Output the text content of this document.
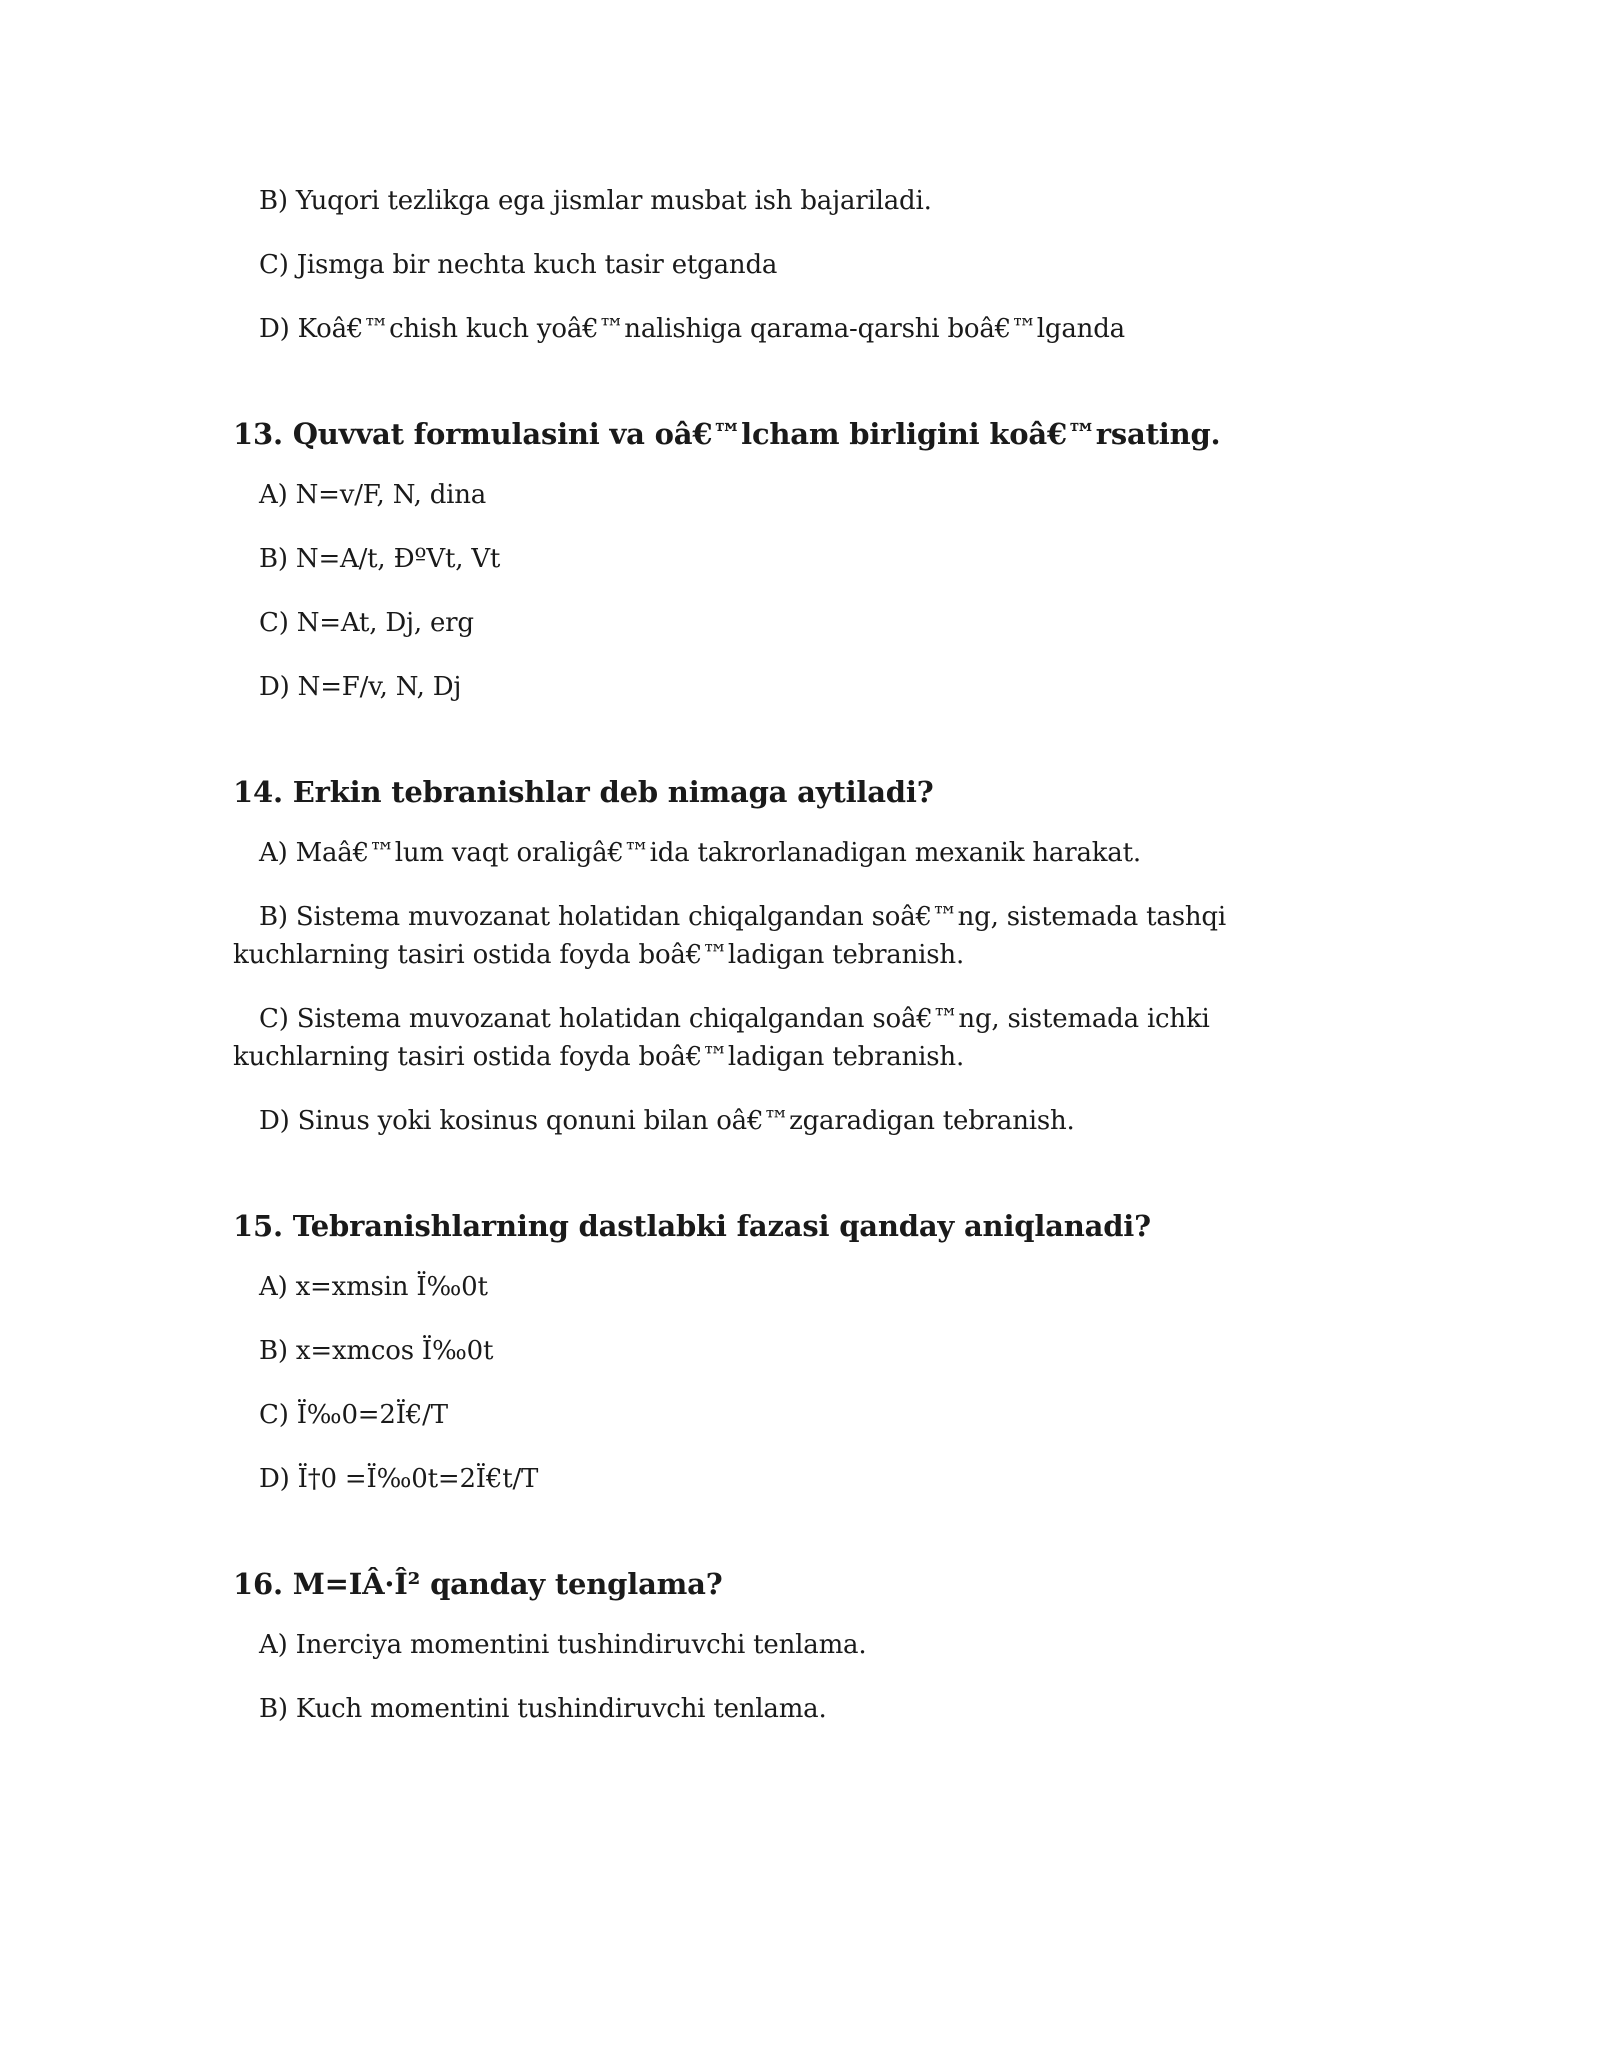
B) Yuqori tezlikga ega jismlar musbat ish bajariladi.

C) Jismga bir nechta kuch tasir etganda

D) Koâ€™chish kuch yoâ€™nalishiga qarama-qarshi boâ€™lganda

13. Quvvat formulasini va oâ€™lcham birligini koâ€™rsating.

A) N=v/F, N, dina

B) N=A/t, ÐºVt, Vt

C) N=At, Dj, erg

D) N=F/v, N, Dj

14. Erkin tebranishlar deb nimaga aytiladi?

A) Maâ€™lum vaqt oraligâ€™ida takrorlanadigan mexanik harakat.

B) Sistema muvozanat holatidan chiqalgandan soâ€™ng, sistemada tashqi kuchlarning tasiri ostida foyda boâ€™ladigan tebranish.

C) Sistema muvozanat holatidan chiqalgandan soâ€™ng, sistemada ichki kuchlarning tasiri ostida foyda boâ€™ladigan tebranish.

D) Sinus yoki kosinus qonuni bilan oâ€™zgaradigan tebranish.

15. Tebranishlarning dastlabki fazasi qanday aniqlanadi?

A) x=xmsin Ï‰0t

B) x=xmcos Ï‰0t

C) Ï‰0=2Ï€/T

D) Ï†0 =Ï‰0t=2Ï€t/T

16. M=IÂ·Î² qanday tenglama?

A) Inerciya momentini tushindiruvchi tenlama.

B) Kuch momentini tushindiruvchi tenlama.
